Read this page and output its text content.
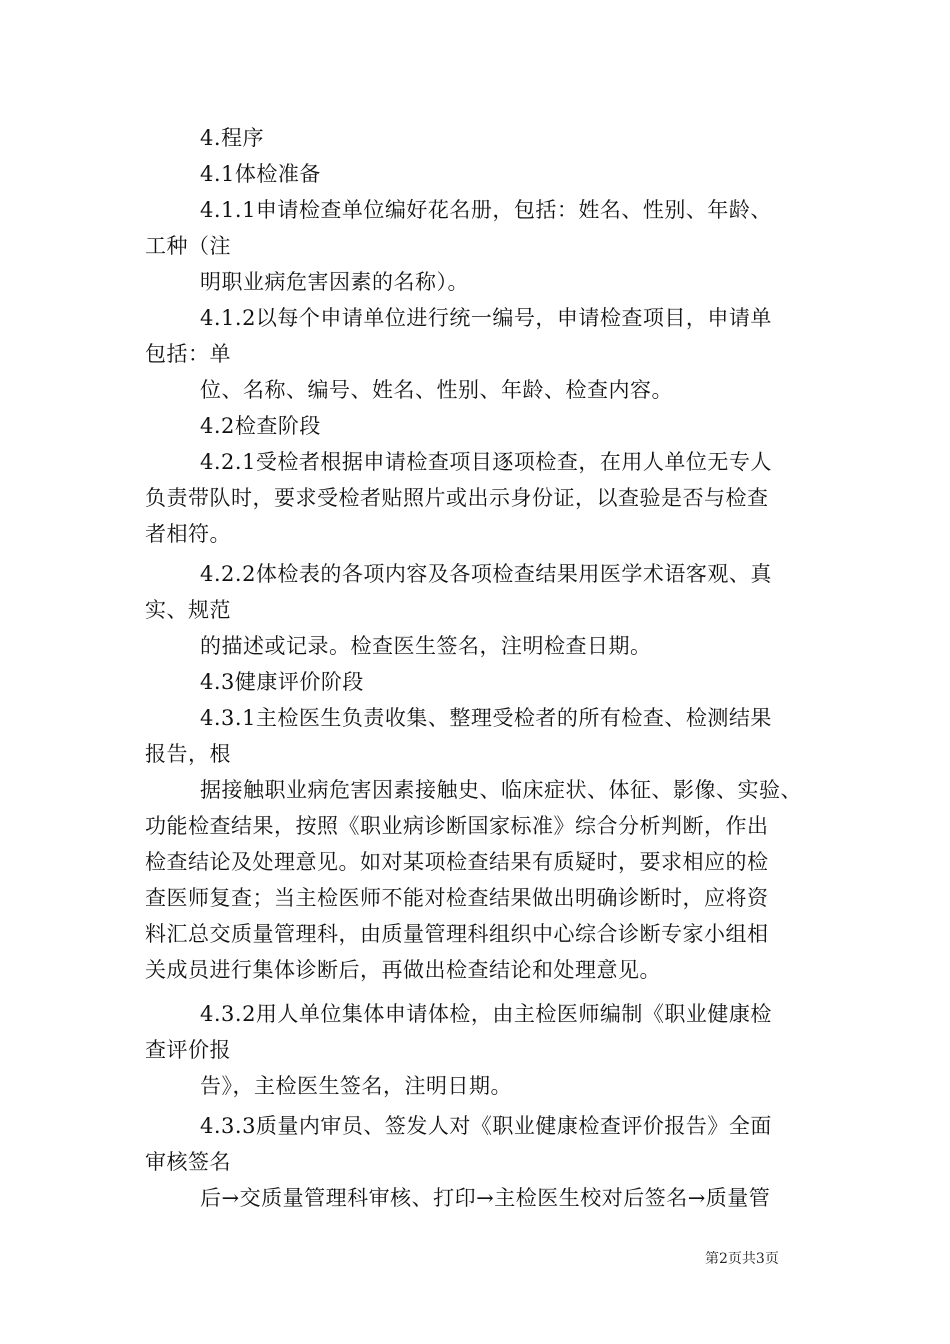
4.程序
4.1体检准备
4.1.1申请检查单位编好花名册，包括：姓名、性别、年龄、
工种（注
明职业病危害因素的名称）。
4.1.2以每个申请单位进行统一编号，申请检查项目，申请单
包括：单
位、名称、编号、姓名、性别、年龄、检查内容。
4.2检查阶段
4.2.1受检者根据申请检查项目逐项检查，在用人单位无专人
负责带队时，要求受检者贴照片或出示身份证，以查验是否与检查
者相符。
4.2.2体检表的各项内容及各项检查结果用医学术语客观、真
实、规范
的描述或记录。检查医生签名，注明检查日期。
4.3健康评价阶段
4.3.1主检医生负责收集、整理受检者的所有检查、检测结果
报告，根
据接触职业病危害因素接触史、临床症状、体征、影像、实验、
功能检查结果，按照《职业病诊断国家标准》综合分析判断，作出
检查结论及处理意见。如对某项检查结果有质疑时，要求相应的检
查医师复查；当主检医师不能对检查结果做出明确诊断时，应将资
料汇总交质量管理科，由质量管理科组织中心综合诊断专家小组相
关成员进行集体诊断后，再做出检查结论和处理意见。
4.3.2用人单位集体申请体检，由主检医师编制《职业健康检
查评价报
告》，主检医生签名，注明日期。
4.3.3质量内审员、签发人对《职业健康检查评价报告》全面
审核签名
后→交质量管理科审核、打印→主检医生校对后签名→质量管
第2页共3页
